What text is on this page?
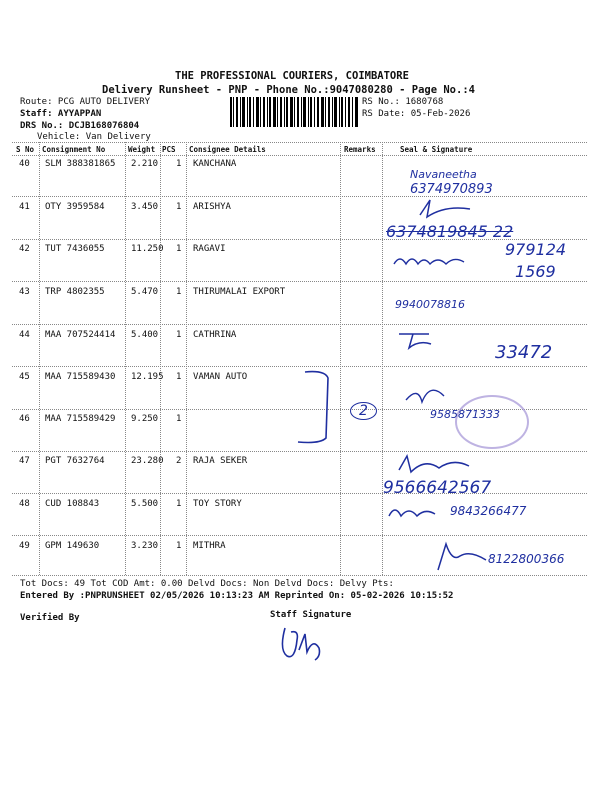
THE PROFESSIONAL COURIERS, COIMBATORE
Delivery Runsheet - PNP - Phone No.:9047080280 - Page No.:4
Route: PCG AUTO DELIVERY
Staff: AYYAPPAN
DRS No.: DCJB168076804
Vehicle: Van Delivery
RS No.: 1680768
RS Date: 05-Feb-2026
S No Consignment No	Weight PCS Consignee Details	Remarks	Seal & Signature
40 SLM 388381865 2.210 1 KANCHANA
41 OTY 3959584	3.450 1 ARISHYA
42 TUT 7436055	11.250 1 RAGAVI
43 TRP 4802355	5.470 1 THIRUMALAI EXPORT
44 MAA 707524414 5.400 1 CATHRINA
45 MAA 715589430 12.195 1 VAMAN AUTO
46 MAA 715589429 9.250 1
47 PGT 7632764	23.280 2 RAJA SEKER
48 CUD 108843	5.500 1 TOY STORY
49 GPM 149630	3.230 1 MITHRA
Navaneetha
6374970893
6374819845 22
979124
1569
9940078816
33472
2	9585871333
9566642567
9843266477
8122800366
Tot Docs: 49 Tot COD Amt: 0.00 Delvd Docs: Non Delvd Docs: Delvy Pts:
Entered By :PNPRUNSHEET 02/05/2026 10:13:23 AM Reprinted On: 05-02-2026 10:15:52
Verified By	Staff Signature
